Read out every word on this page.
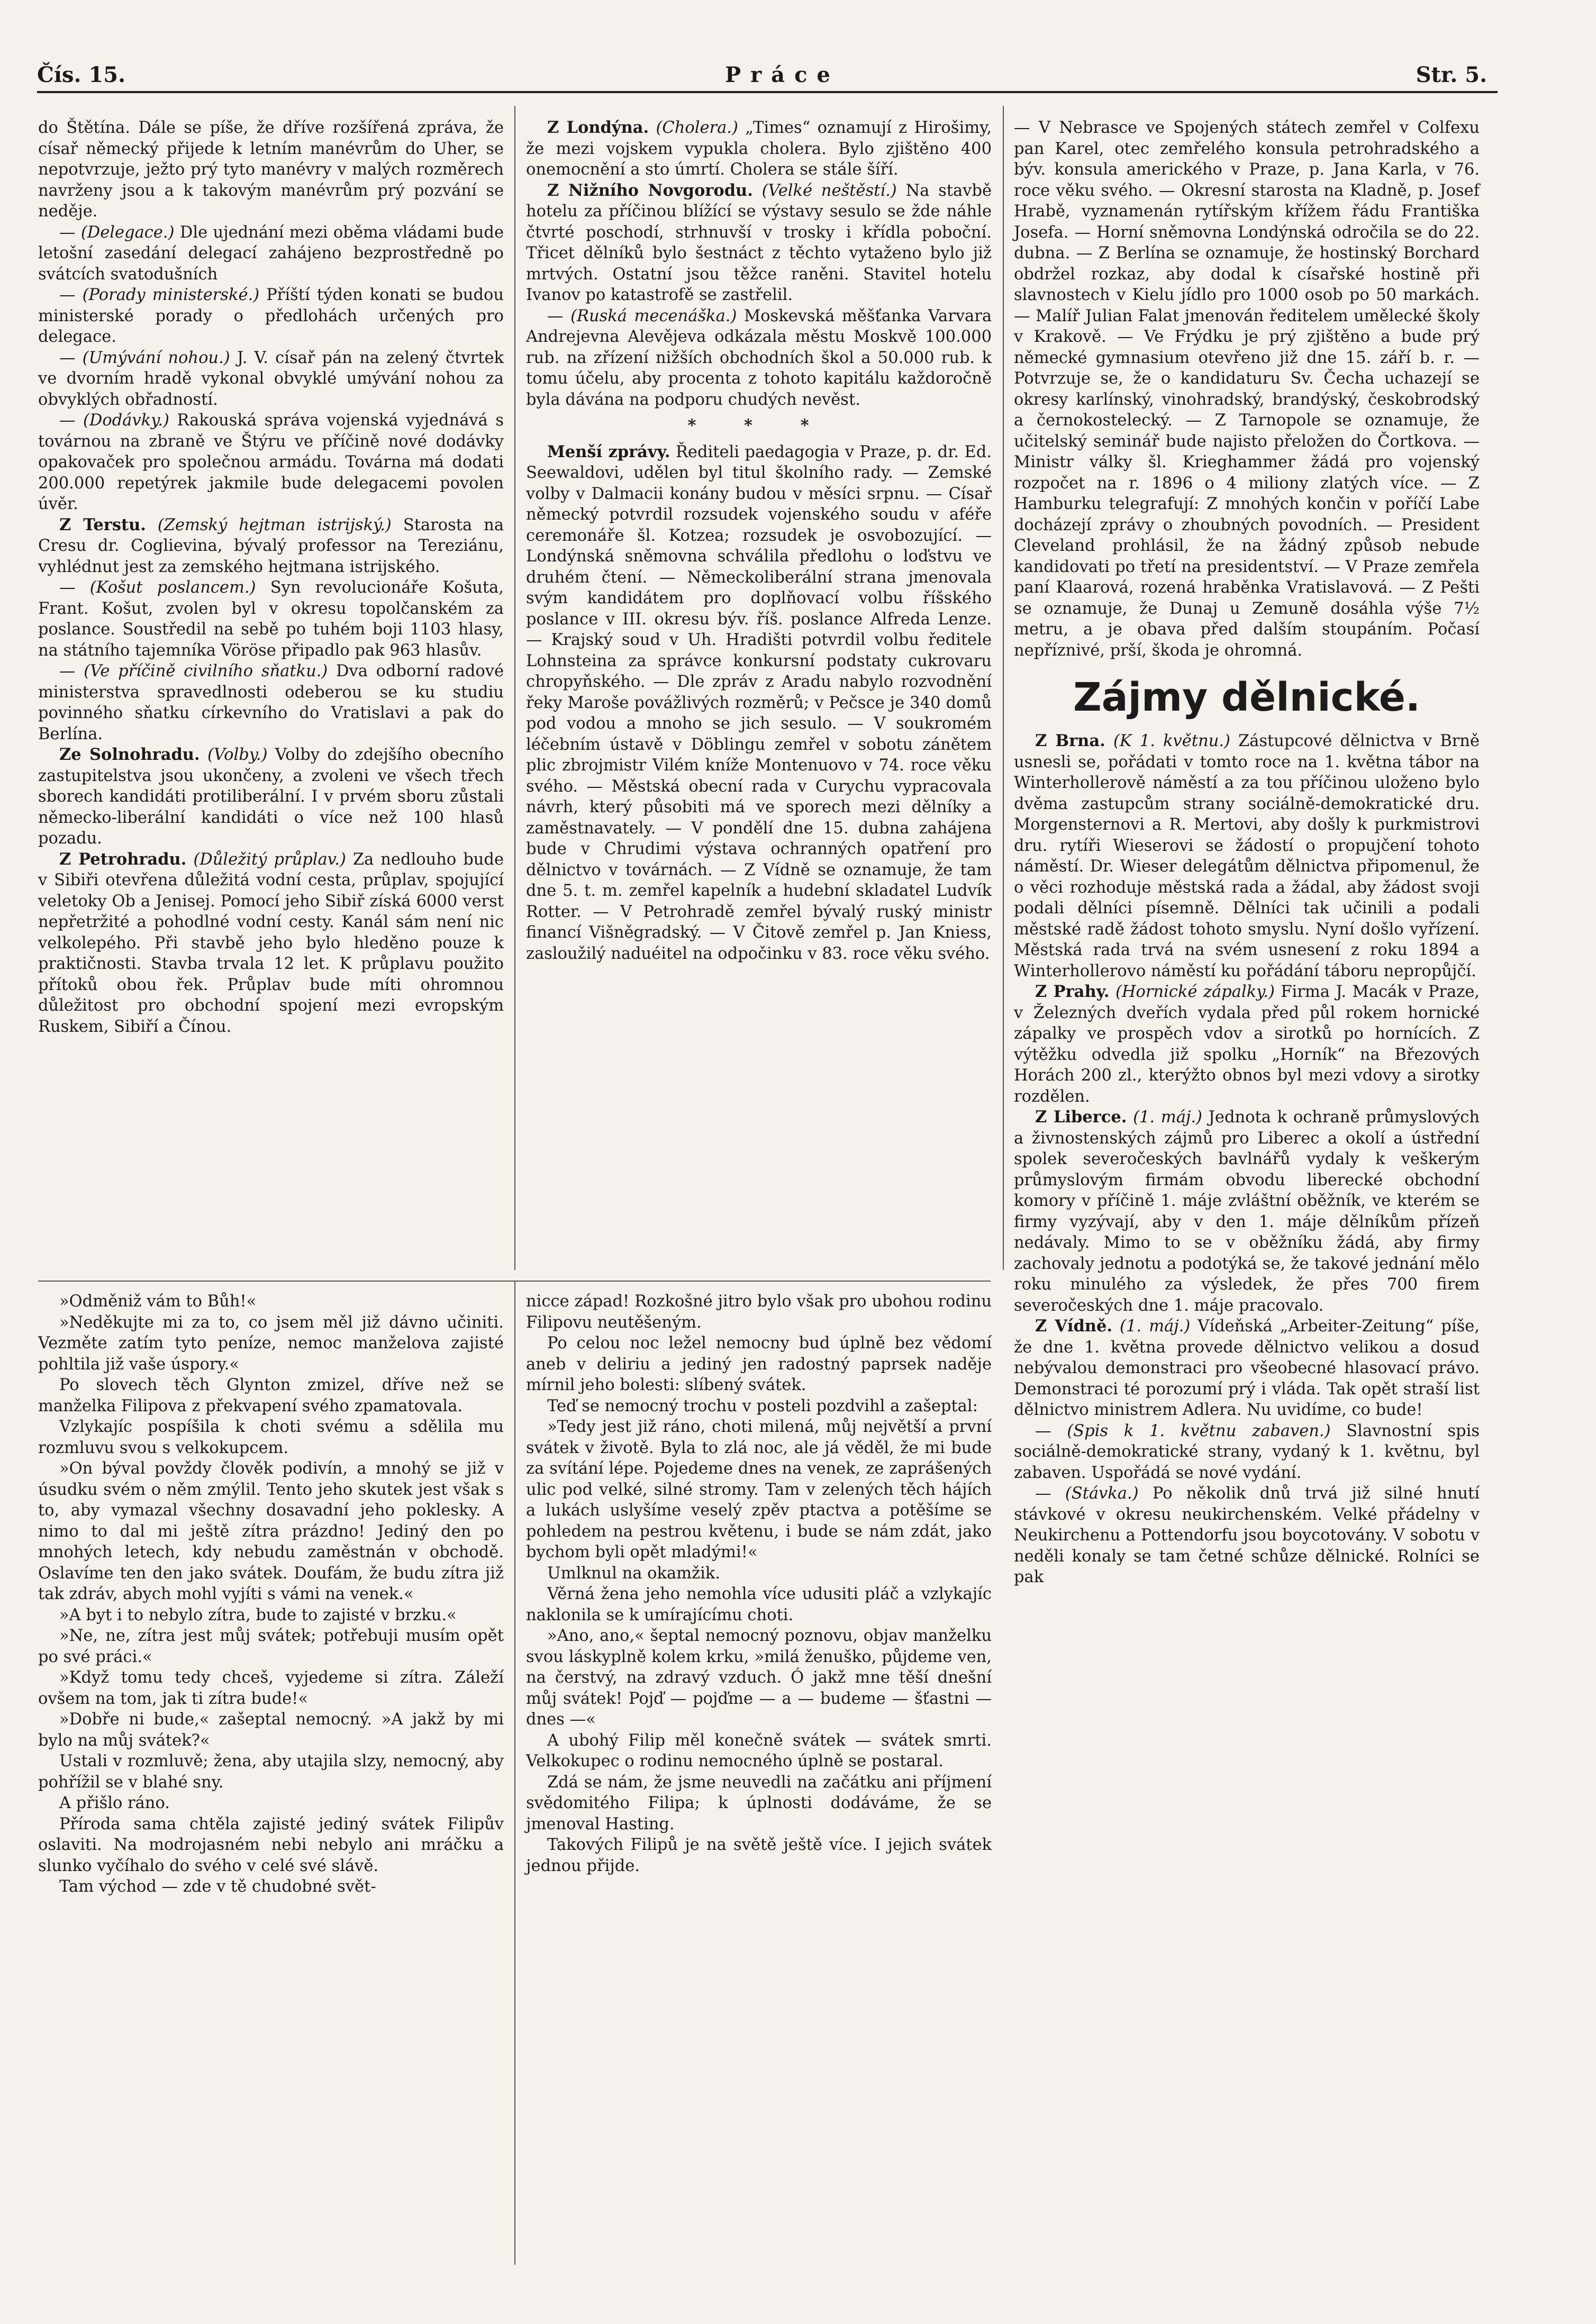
Čís. 15.	Práce	Str. 5.

do Štětína. Dále se píše, že dříve rozšířená zpráva, že císař německý přijede k letním manévrům do Uher, se nepotvrzuje, ježto prý tyto manévry v malých rozměrech navrženy jsou a k takovým manévrům prý pozvání se neděje.

— (Delegace.) Dle ujednání mezi oběma vládami bude letošní zasedání delegací zahájeno bezprostředně po svátcích svatodušních

— (Porady ministerské.) Příští týden konati se budou ministerské porady o předlohách určených pro delegace.

— (Umývání nohou.) J. V. císař pán na zelený čtvrtek ve dvorním hradě vykonal obvyklé umývání nohou za obvyklých obřadností.

— (Dodávky.) Rakouská správa vojenská vyjednává s továrnou na zbraně ve Štýru ve příčině nové dodávky opakovaček pro společnou armádu. Továrna má dodati 200.000 repetýrek jakmile bude delegacemi povolen úvěr.

Z Terstu. (Zemský hejtman istrijský.) Starosta na Cresu dr. Coglievina, bývalý professor na Tereziánu, vyhlédnut jest za zemského hejtmana istrijského.

— (Košut poslancem.) Syn revolucionáře Košuta, Frant. Košut, zvolen byl v okresu topolčanském za poslance. Soustředil na sebě po tuhém boji 1103 hlasy, na státního tajemníka Vöröse připadlo pak 963 hlasův.

— (Ve příčině civilního sňatku.) Dva odborní radové ministerstva spravedlnosti odeberou se ku studiu povinného sňatku církevního do Vratislavi a pak do Berlína.

Ze Solnohradu. (Volby.) Volby do zdejšího obecního zastupitelstva jsou ukončeny, a zvoleni ve všech třech sborech kandidáti protiliberální. I v prvém sboru zůstali německo-liberální kandidáti o více než 100 hlasů pozadu.

Z Petrohradu. (Důležitý průplav.) Za nedlouho bude v Sibiři otevřena důležitá vodní cesta, průplav, spojující veletoky Ob a Jenisej. Pomocí jeho Sibiř získá 6000 verst nepřetržité a pohodlné vodní cesty. Kanál sám není nic velkolepého. Při stavbě jeho bylo hleděno pouze k praktičnosti. Stavba trvala 12 let. K průplavu použito přítoků obou řek. Průplav bude míti ohromnou důležitost pro obchodní spojení mezi evropským Ruskem, Sibiří a Čínou.

Z Londýna. (Cholera.) „Times“ oznamují z Hirošimy, že mezi vojskem vypukla cholera. Bylo zjištěno 400 onemocnění a sto úmrtí. Cholera se stále šíří.

Z Nižního Novgorodu. (Velké neštěstí.) Na stavbě hotelu za příčinou blížící se výstavy sesulo se žde náhle čtvrté poschodí, strhnuvší v trosky i křídla poboční. Třicet dělníků bylo šestnáct z těchto vytaženo bylo již mrtvých. Ostatní jsou těžce raněni. Stavitel hotelu Ivanov po katastrofě se zastřelil.

— (Ruská mecenáška.) Moskevská měšťanka Varvara Andrejevna Alevějeva odkázala městu Moskvě 100.000 rub. na zřízení nižších obchodních škol a 50.000 rub. k tomu účelu, aby procenta z tohoto kapitálu každoročně byla dávána na podporu chudých nevěst.

* * *

Menší zprávy. Řediteli paedagogia v Praze, p. dr. Ed. Seewaldovi, udělen byl titul školního rady. — Zemské volby v Dalmacii konány budou v měsíci srpnu. — Císař německý potvrdil rozsudek vojenského soudu v aféře ceremonáře šl. Kotzea; rozsudek je osvobozující. — Londýnská sněmovna schválila předlohu o loďstvu ve druhém čtení. — Německoliberální strana jmenovala svým kandidátem pro doplňovací volbu říšského poslance v III. okresu býv. říš. poslance Alfreda Lenze. — Krajský soud v Uh. Hradišti potvrdil volbu ředitele Lohnsteina za správce konkursní podstaty cukrovaru chropyňského. — Dle zpráv z Aradu nabylo rozvodnění řeky Maroše povážlivých rozměrů; v Pečsce je 340 domů pod vodou a mnoho se jich sesulo. — V soukromém léčebním ústavě v Döblingu zemřel v sobotu zánětem plic zbrojmistr Vilém kníže Montenuovo v 74. roce věku svého. — Městská obecní rada v Curychu vypracovala návrh, který působiti má ve sporech mezi dělníky a zaměstnavately. — V pondělí dne 15. dubna zahájena bude v Chrudimi výstava ochranných opatření pro dělnictvo v továrnách. — Z Vídně se oznamuje, že tam dne 5. t. m. zemřel kapelník a hudební skladatel Ludvík Rotter. — V Petrohradě zemřel bývalý ruský ministr financí Višněgradský. — V Čitově zemřel p. Jan Kniess, zasloužilý naduéitel na odpočinku v 83. roce věku svého.

— V Nebrasce ve Spojených státech zemřel v Colfexu pan Karel, otec zemřelého konsula petrohradského a býv. konsula amerického v Praze, p. Jana Karla, v 76. roce věku svého. — Okresní starosta na Kladně, p. Josef Hrabě, vyznamenán rytířským křížem řádu Františka Josefa. — Horní sněmovna Londýnská odročila se do 22. dubna. — Z Berlína se oznamuje, že hostinský Borchard obdržel rozkaz, aby dodal k císařské hostině při slavnostech v Kielu jídlo pro 1000 osob po 50 markách. — Malíř Julian Falat jmenován ředitelem umělecké školy v Krakově. — Ve Frýdku je prý zjištěno a bude prý německé gymnasium otevřeno již dne 15. září b. r. — Potvrzuje se, že o kandidaturu Sv. Čecha uchazejí se okresy karlínský, vinohradský, brandýský, českobrodský a černokostelecký. — Z Tarnopole se oznamuje, že učitelský seminář bude najisto přeložen do Čortkova. — Ministr války šl. Krieghammer žádá pro vojenský rozpočet na r. 1896 o 4 miliony zlatých více. — Z Hamburku telegrafují: Z mnohých končin v poříčí Labe docházejí zprávy o zhoubných povodních. — President Cleveland prohlásil, že na žádný způsob nebude kandidovati po třetí na presidentství. — V Praze zemřela paní Klaarová, rozená hraběnka Vratislavová. — Z Pešti se oznamuje, že Dunaj u Zemuně dosáhla výše 7½ metru, a je obava před dalším stoupáním. Počasí nepříznivé, prší, škoda je ohromná.

Zájmy dělnické.

Z Brna. (K 1. květnu.) Zástupcové dělnictva v Brně usnesli se, pořádati v tomto roce na 1. května tábor na Winterhollerově náměstí a za tou příčinou uloženo bylo dvěma zastupcům strany sociálně-demokratické dru. Morgensternovi a R. Mertovi, aby došly k purkmistrovi dru. rytíři Wieserovi se žádostí o propujčení tohoto náměstí. Dr. Wieser delegátům dělnictva připomenul, že o věci rozhoduje městská rada a žádal, aby žádost svoji podali dělníci písemně. Dělníci tak učinili a podali městské radě žádost tohoto smyslu. Nyní došlo vyřízení. Městská rada trvá na svém usnesení z roku 1894 a Winterhollerovo náměstí ku pořádání táboru nepropůjčí.

Z Prahy. (Hornické zápalky.) Firma J. Macák v Praze, v Železných dveřích vydala před půl rokem hornické zápalky ve prospěch vdov a sirotků po hornících. Z výtěžku odvedla již spolku „Horník“ na Březových Horách 200 zl., kterýžto obnos byl mezi vdovy a sirotky rozdělen.

Z Liberce. (1. máj.) Jednota k ochraně průmyslových a živnostenských zájmů pro Liberec a okolí a ústřední spolek severočeských bavlnářů vydaly k veškerým průmyslovým firmám obvodu liberecké obchodní komory v příčině 1. máje zvláštní oběžník, ve kterém se firmy vyzývají, aby v den 1. máje dělníkům přízeň nedávaly. Mimo to se v oběžníku žádá, aby firmy zachovaly jednotu a podotýká se, že takové jednání mělo roku minulého za výsledek, že přes 700 firem severočeských dne 1. máje pracovalo.

Z Vídně. (1. máj.) Vídeňská „Arbeiter-Zeitung“ píše, že dne 1. května provede dělnictvo velikou a dosud nebývalou demonstraci pro všeobecné hlasovací právo. Demonstraci té porozumí prý i vláda. Tak opět straší list dělnictvo ministrem Adlera. Nu uvidíme, co bude!

— (Spis k 1. květnu zabaven.) Slavnostní spis sociálně-demokratické strany, vydaný k 1. květnu, byl zabaven. Uspořádá se nové vydání.

— (Stávka.) Po několik dnů trvá již silné hnutí stávkové v okresu neukirchenském. Velké přádelny v Neukirchenu a Pottendorfu jsou boycotovány. V sobotu v neděli konaly se tam četné schůze dělnické. Rolníci se pak

»Odměniž vám to Bůh!«

»Neděkujte mi za to, co jsem měl již dávno učiniti. Vezměte zatím tyto peníze, nemoc manželova zajisté pohltila již vaše úspory.«

Po slovech těch Glynton zmizel, dříve než se manželka Filipova z překvapení svého zpamatovala.

Vzlykajíc pospíšila k choti svému a sdělila mu rozmluvu svou s velkokupcem.

»On býval povždy člověk podivín, a mnohý se již v úsudku svém o něm zmýlil. Tento jeho skutek jest však s to, aby vymazal všechny dosavadní jeho poklesky. A nimo to dal mi ještě zítra prázdno! Jediný den po mnohých letech, kdy nebudu zaměstnán v obchodě. Oslavíme ten den jako svátek. Doufám, že budu zítra již tak zdráv, abych mohl vyjíti s vámi na venek.«

»A byt i to nebylo zítra, bude to zajisté v brzku.«

»Ne, ne, zítra jest můj svátek; potřebuji musím opět po své práci.«

»Když tomu tedy chceš, vyjedeme si zítra. Záleží ovšem na tom, jak ti zítra bude!«

»Dobře ni bude,« zašeptal nemocný. »A jakž by mi bylo na můj svátek?«

Ustali v rozmluvě; žena, aby utajila slzy, nemocný, aby pohřížil se v blahé sny.

A přišlo ráno.

Příroda sama chtěla zajisté jediný svátek Filipův oslaviti. Na modrojasném nebi nebylo ani mráčku a slunko vyčíhalo do svého v celé své slávě.

Tam východ — zde v tě chudobné svět-

nicce západ! Rozkošné jitro bylo však pro ubohou rodinu Filipovu neutěšeným.

Po celou noc ležel nemocny bud úplně bez vědomí aneb v deliriu a jediný jen radostný paprsek naděje mírnil jeho bolesti: slíbený svátek.

Teď se nemocný trochu v posteli pozdvihl a zašeptal:

»Tedy jest již ráno, choti milená, můj největší a první svátek v životě. Byla to zlá noc, ale já věděl, že mi bude za svítání lépe. Pojedeme dnes na venek, ze zaprášených ulic pod velké, silné stromy. Tam v zelených těch hájích a lukách uslyšíme veselý zpěv ptactva a potěšíme se pohledem na pestrou květenu, i bude se nám zdát, jako bychom byli opět mladými!«

Umlknul na okamžik.

Věrná žena jeho nemohla více udusiti pláč a vzlykajíc naklonila se k umírajícímu choti.

»Ano, ano,« šeptal nemocný poznovu, objav manželku svou láskyplně kolem krku, »milá ženuško, půjdeme ven, na čerstvý, na zdravý vzduch. Ó jakž mne těší dnešní můj svátek! Pojď — pojďme — a — budeme — šťastni — dnes —«

A ubohý Filip měl konečně svátek — svátek smrti. Velkokupec o rodinu nemocného úplně se postaral.

Zdá se nám, že jsme neuvedli na začátku ani příjmení svědomitého Filipa; k úplnosti dodáváme, že se jmenoval Hasting.

Takových Filipů je na světě ještě více. I jejich svátek jednou přijde.
